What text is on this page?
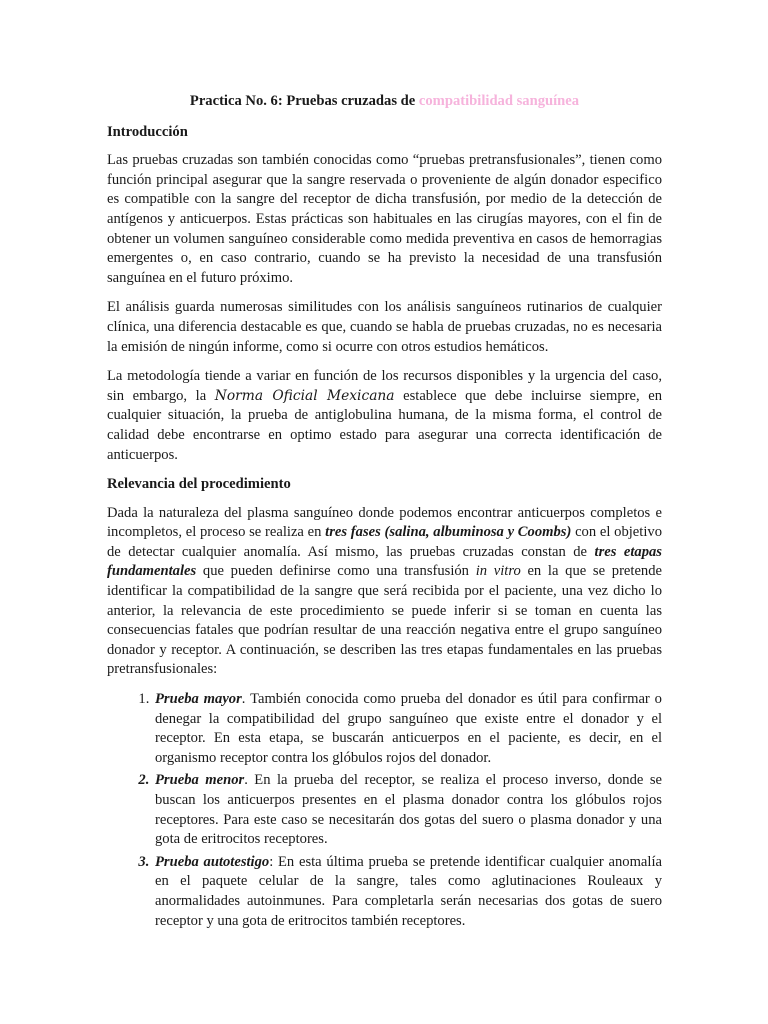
Practica No. 6: Pruebas cruzadas de compatibilidad sanguínea
Introducción

Las pruebas cruzadas son también conocidas como “pruebas pretransfusionales”, tienen como función principal asegurar que la sangre reservada o proveniente de algún donador especifico es compatible con la sangre del receptor de dicha transfusión, por medio de la detección de antígenos y anticuerpos. Estas prácticas son habituales en las cirugías mayores, con el fin de obtener un volumen sanguíneo considerable como medida preventiva en casos de hemorragias emergentes o, en caso contrario, cuando se ha previsto la necesidad de una transfusión sanguínea en el futuro próximo.

El análisis guarda numerosas similitudes con los análisis sanguíneos rutinarios de cualquier clínica, una diferencia destacable es que, cuando se habla de pruebas cruzadas, no es necesaria la emisión de ningún informe, como si ocurre con otros estudios hemáticos.

La metodología tiende a variar en función de los recursos disponibles y la urgencia del caso, sin embargo, la Norma Oficial Mexicana establece que debe incluirse siempre, en cualquier situación, la prueba de antiglobulina humana, de la misma forma, el control de calidad debe encontrarse en optimo estado para asegurar una correcta identificación de anticuerpos.

Relevancia del procedimiento

Dada la naturaleza del plasma sanguíneo donde podemos encontrar anticuerpos completos e incompletos, el proceso se realiza en tres fases (salina, albuminosa y Coombs) con el objetivo de detectar cualquier anomalía. Así mismo, las pruebas cruzadas constan de tres etapas fundamentales que pueden definirse como una transfusión in vitro en la que se pretende identificar la compatibilidad de la sangre que será recibida por el paciente, una vez dicho lo anterior, la relevancia de este procedimiento se puede inferir si se toman en cuenta las consecuencias fatales que podrían resultar de una reacción negativa entre el grupo sanguíneo donador y receptor. A continuación, se describen las tres etapas fundamentales en las pruebas pretransfusionales:

1. Prueba mayor. También conocida como prueba del donador es útil para confirmar o denegar la compatibilidad del grupo sanguíneo que existe entre el donador y el receptor. En esta etapa, se buscarán anticuerpos en el paciente, es decir, en el organismo receptor contra los glóbulos rojos del donador.
2. Prueba menor. En la prueba del receptor, se realiza el proceso inverso, donde se buscan los anticuerpos presentes en el plasma donador contra los glóbulos rojos receptores. Para este caso se necesitarán dos gotas del suero o plasma donador y una gota de eritrocitos receptores.
3. Prueba autotestigo: En esta última prueba se pretende identificar cualquier anomalía en el paquete celular de la sangre, tales como aglutinaciones Rouleaux y anormalidades autoinmunes. Para completarla serán necesarias dos gotas de suero receptor y una gota de eritrocitos también receptores.
